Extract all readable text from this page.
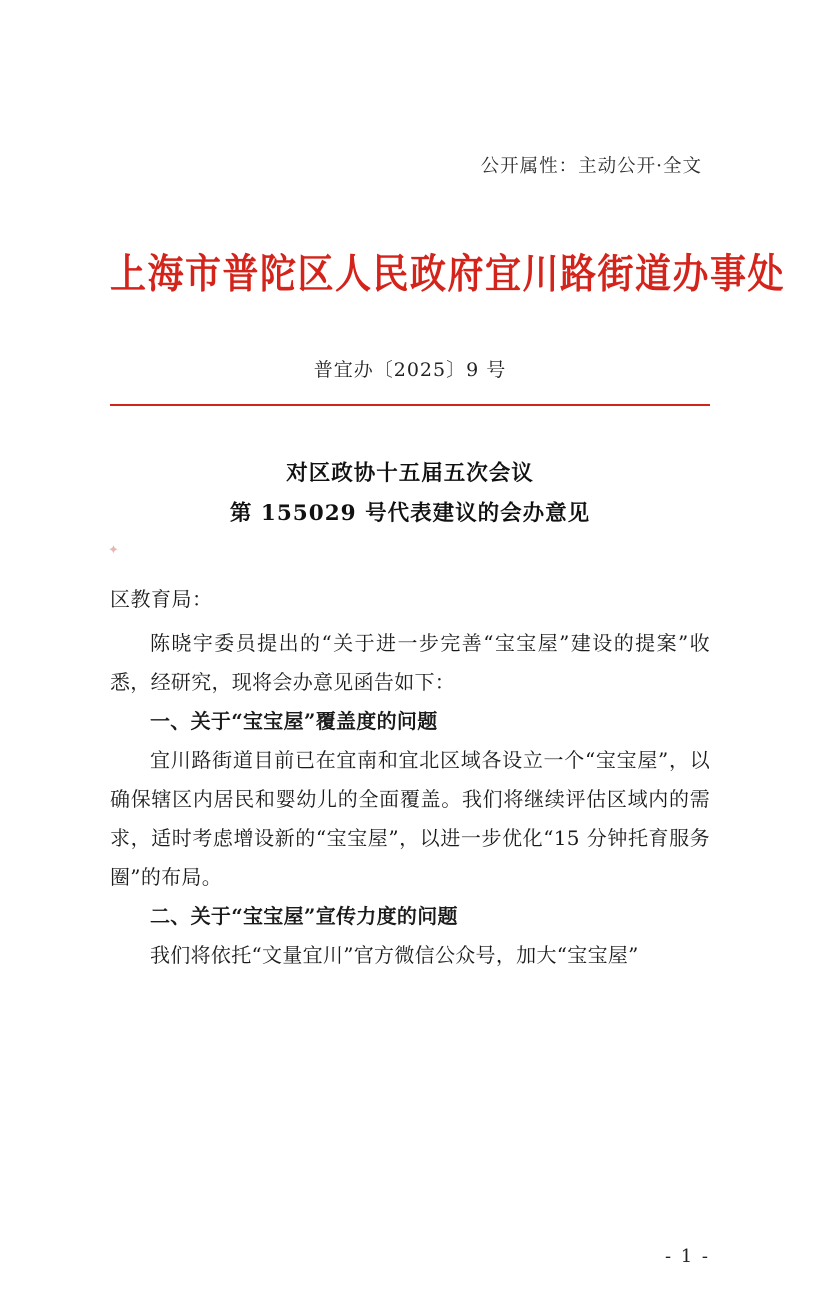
公开属性：主动公开·全文
上海市普陀区人民政府宜川路街道办事处
普宜办〔2025〕9 号
✦
对区政协十五届五次会议
第 155029 号代表建议的会办意见
区教育局：

陈晓宇委员提出的“关于进一步完善“宝宝屋”建设的提案”收悉，经研究，现将会办意见函告如下：

一、关于“宝宝屋”覆盖度的问题

宜川路街道目前已在宜南和宜北区域各设立一个“宝宝屋”，以确保辖区内居民和婴幼儿的全面覆盖。我们将继续评估区域内的需求，适时考虑增设新的“宝宝屋”，以进一步优化“15 分钟托育服务圈”的布局。

二、关于“宝宝屋”宣传力度的问题

我们将依托“文量宜川”官方微信公众号，加大“宝宝屋”

- 1 -
